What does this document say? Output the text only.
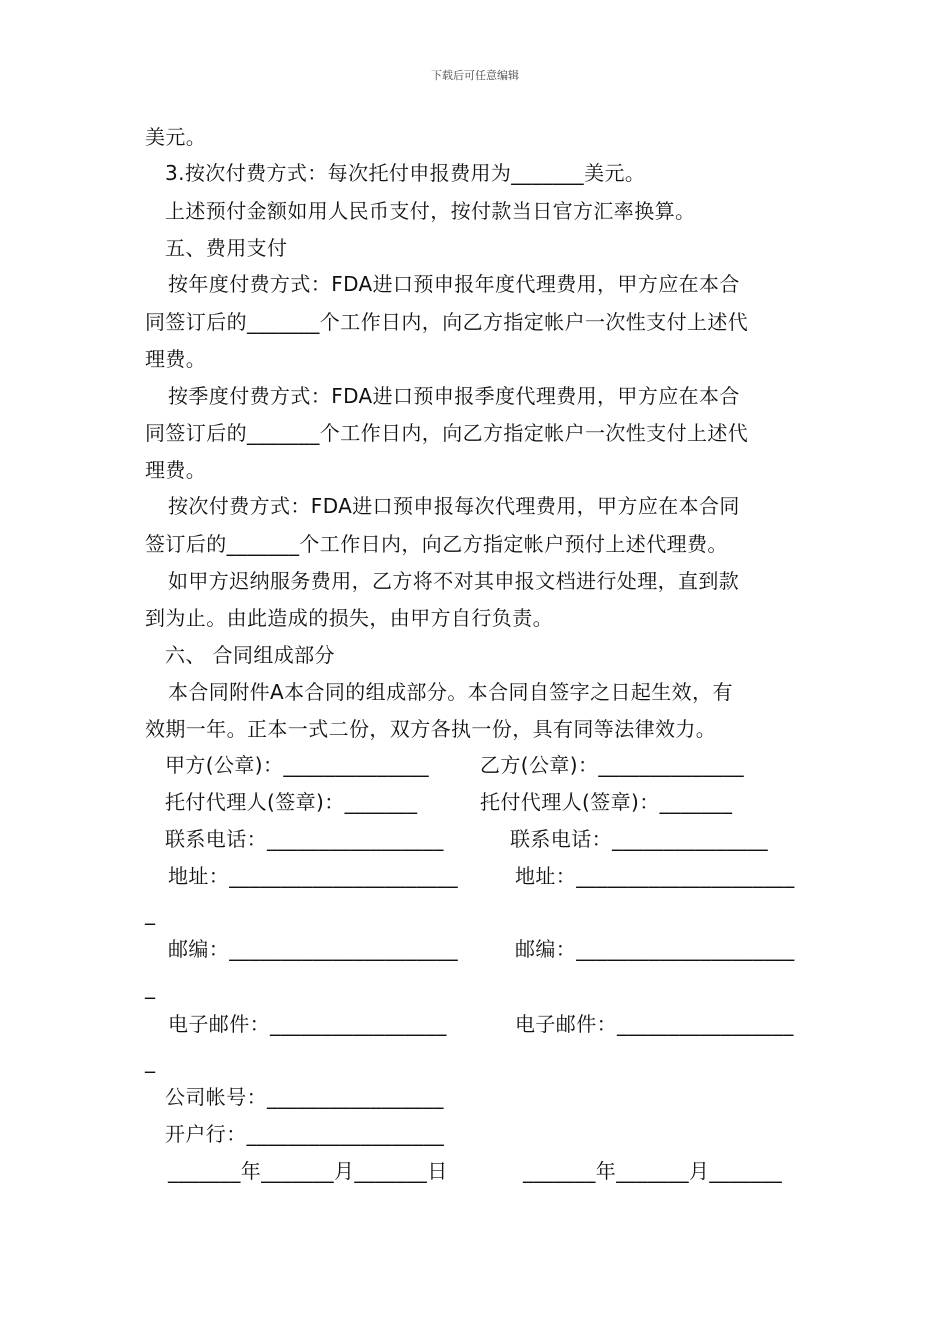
下载后可任意编辑
美元。
3.按次付费方式：每次托付申报费用为_______美元。
上述预付金额如用人民币支付，按付款当日官方汇率换算。
五、费用支付
按年度付费方式：FDA进口预申报年度代理费用，甲方应在本合
同签订后的_______个工作日内，向乙方指定帐户一次性支付上述代
理费。
按季度付费方式：FDA进口预申报季度代理费用，甲方应在本合
同签订后的_______个工作日内，向乙方指定帐户一次性支付上述代
理费。
按次付费方式：FDA进口预申报每次代理费用，甲方应在本合同
签订后的_______个工作日内，向乙方指定帐户预付上述代理费。
如甲方迟纳服务费用，乙方将不对其申报文档进行处理，直到款
到为止。由此造成的损失，由甲方自行负责。
六、 合同组成部分
本合同附件A本合同的组成部分。本合同自签字之日起生效，有
效期一年。正本一式二份，双方各执一份，具有同等法律效力。
甲方(公章)：______________	乙方(公章)：______________
托付代理人(签章)：_______	托付代理人(签章)：_______
联系电话：_________________	联系电话：_______________
地址：______________________	地址：_____________________
_
邮编：______________________	邮编：_____________________
_
电子邮件：_________________	电子邮件：_________________
_
公司帐号：_________________
开户行：___________________
_______年_______月_______日	_______年_______月_______
